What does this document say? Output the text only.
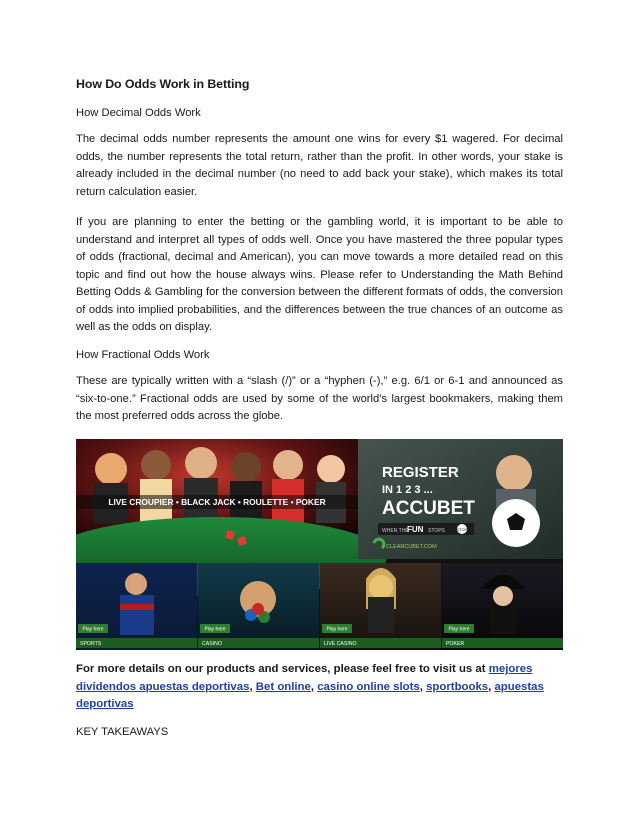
How Do Odds Work in Betting
How Decimal Odds Work

The decimal odds number represents the amount one wins for every $1 wagered. For decimal odds, the number represents the total return, rather than the profit. In other words, your stake is already included in the decimal number (no need to add back your stake), which makes its total return calculation easier.

If you are planning to enter the betting or the gambling world, it is important to be able to understand and interpret all types of odds well. Once you have mastered the three popular types of odds (fractional, decimal and American), you can move towards a more detailed read on this topic and find out how the house always wins. Please refer to Understanding the Math Behind Betting Odds & Gambling for the conversion between the different formats of odds, the conversion of odds into implied probabilities, and the differences between the true chances of an outcome as well as the odds on display.

How Fractional Odds Work

These are typically written with a “slash (/)” or a “hyphen (-),” e.g. 6/1 or 6-1 and announced as “six-to-one.” Fractional odds are used by some of the world’s largest bookmakers, making them the most preferred odds across the globe.

For more details on our products and services, please feel free to visit us at mejores dividendos apuestas deportivas, Bet online, casino online slots, sportbooks, apuestas deportivas

KEY TAKEAWAYS
LIVE CROUPIER • BLACK JACK • ROULETTE • POKER
REGISTER
IN 1 2 3 ...
ACCUBET
WHEN THE
FUN STOPS	STOP
CLEARCUBET.COM
Play here
SPORTS
Play here
CASINO
Play here
LIVE CASINO
Play here
POKER
